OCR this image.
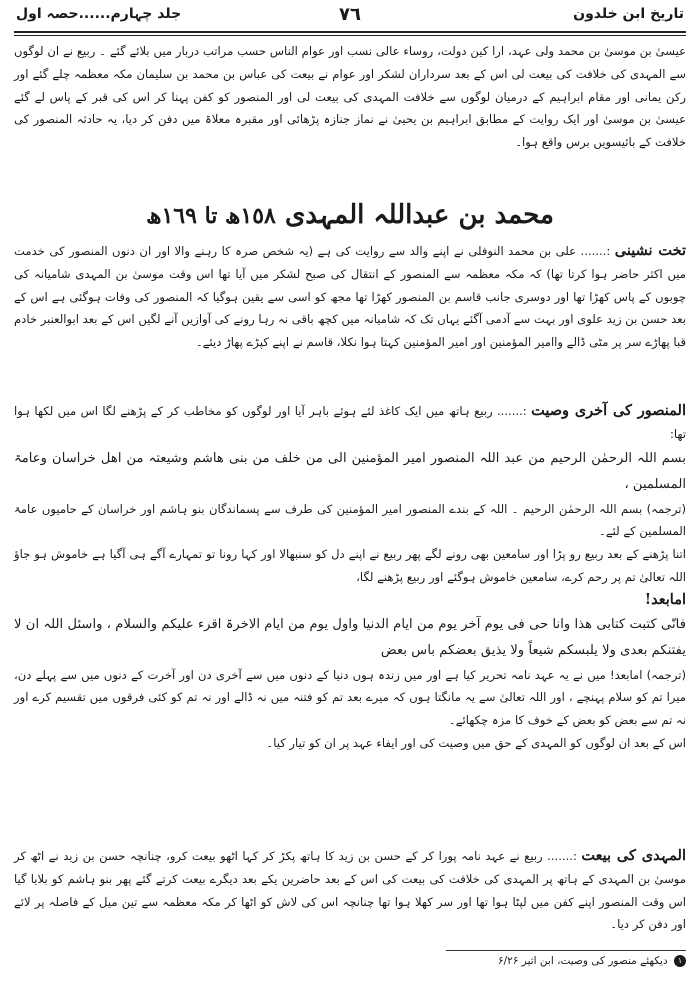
تاریخ ابن خلدون
٧٦
جلد چہارم......حصہ اول

عیسیٰ بن موسیٰ بن محمد ولی عہد، ارا کین دولت، روساء عالی نسب اور عوام الناس حسب مراتب دربار میں بلائے گئے ۔ ربیع نے ان لوگوں سے المہدی کی خلافت کی بیعت لی اس کے بعد سرداران لشکر اور عوام نے بیعت کی عباس بن محمد بن سلیمان مکہ معظمہ چلے گئے اور رکن یمانی اور مقام ابراہیم کے درمیان لوگوں سے خلافت المہدی کی بیعت لی اور المنصور کو کفن پہنا کر اس کی قبر کے پاس لے گئے عیسیٰ بن موسیٰ اور ایک روایت کے مطابق ابراہیم بن یحییٰ نے نماز جنازہ پڑھائی اور مقبرہ معلاۃ میں دفن کر دیا، یہ حادثہ المنصور کی خلافت کے بائیسویں برس واقع ہوا۔

محمد بن عبداللہ المہدی ١٥٨ھ تا ١٦٩ھ

تخت نشینی :....... علی بن محمد النوفلی نے اپنے والد سے روایت کی ہے (یہ شخص صرہ کا رہنے والا اور ان دنوں المنصور کی خدمت میں اکثر حاضر ہوا کرتا تھا) کہ مکہ معظمہ سے المنصور کے انتقال کی صبح لشکر میں آیا تھا اس وقت موسیٰ بن المہدی شامیانہ کی چوبوں کے پاس کھڑا تھا اور دوسری جانب قاسم بن المنصور کھڑا تھا مجھ کو اسی سے یقین ہوگیا کہ المنصور کی وفات ہوگئی ہے اس کے بعد حسن بن زید علوی اور بہت سے آدمی آگئے یہاں تک کہ شامیانہ میں کچھ باقی نہ رہا رونے کی آوازیں آنے لگیں اس کے بعد ابوالعنبر خادم قبا پھاڑے سر پر مٹی ڈالے واامیر المؤمنین اور امیر المؤمنین کہتا ہوا نکلا، قاسم نے اپنے کپڑے پھاڑ دیئے۔

المنصور کی آخری وصیت :....... ربیع ہاتھ میں ایک کاغذ لئے ہوئے باہر آیا اور لوگوں کو مخاطب کر کے پڑھنے لگا اس میں لکھا ہوا تھا:

بسم اللہ الرحمٰن الرحیم من عبد اللہ المنصور امیر المؤمنین الی من خلف من بنی ھاشم وشیعتہ من اھل خراسان وعامۃ المسلمین ،

(ترجمہ) بسم اللہ الرحمٰن الرحیم ۔ اللہ کے بندے المنصور امیر المؤمنین کی طرف سے پسماندگان بنو ہاشم اور خراسان کے حامیوں عامۃ المسلمین کے لئے۔

اتنا پڑھنے کے بعد ربیع رو پڑا اور سامعین بھی رونے لگے پھر ربیع نے اپنے دل کو سنبھالا اور کہا رونا تو تمہارے آگے ہی آگیا ہے خاموش ہو جاؤ اللہ تعالیٰ تم پر رحم کرے، سامعین خاموش ہوگئے اور ربیع پڑھنے لگا،

امابعد!

فانّی کتبت کتابی ھذا وانا حی فی یوم آخر یوم من ایام الدنیا واول یوم من ایام الاخرۃ اقرء علیکم والسلام ، واسئل اللہ ان لا یفتنکم بعدی ولا یلبسکم شیعاً ولا یذیق بعضکم باس بعض

(ترجمہ) امابعد! میں نے یہ عہد نامہ تحریر کیا ہے اور میں زندہ ہوں دنیا کے دنوں میں سے آخری دن اور آخرت کے دنوں میں سے پہلے دن، میرا تم کو سلام پہنچے ، اور اللہ تعالیٰ سے یہ مانگتا ہوں کہ میرے بعد تم کو فتنہ میں نہ ڈالے اور نہ تم کو کئی فرقوں میں تقسیم کرے اور نہ تم سے بعض کو بعض کے خوف کا مزہ چکھائے۔

اس کے بعد ان لوگوں کو المہدی کے حق میں وصیت کی اور ایفاء عہد پر ان کو تیار کیا۔

المہدی کی بیعت :....... ربیع نے عہد نامہ پورا کر کے حسن بن زید کا ہاتھ پکڑ کر کہا اٹھو بیعت کرو، چنانچہ حسن بن زید نے اٹھ کر موسیٰ بن المہدی کے ہاتھ پر المہدی کی خلافت کی بیعت کی اس کے بعد حاضرین یکے بعد دیگرے بیعت کرتے گئے پھر بنو ہاشم کو بلایا گیا اس وقت المنصور اپنے کفن میں لپٹا ہوا تھا اور سر کھلا ہوا تھا چنانچہ اس کی لاش کو اٹھا کر مکہ معظمہ سے تین میل کے فاصلہ پر لائے اور دفن کر دیا۔

١ دیکھئے منصور کی وصیت، ابن اثیر ۶/۲۶
